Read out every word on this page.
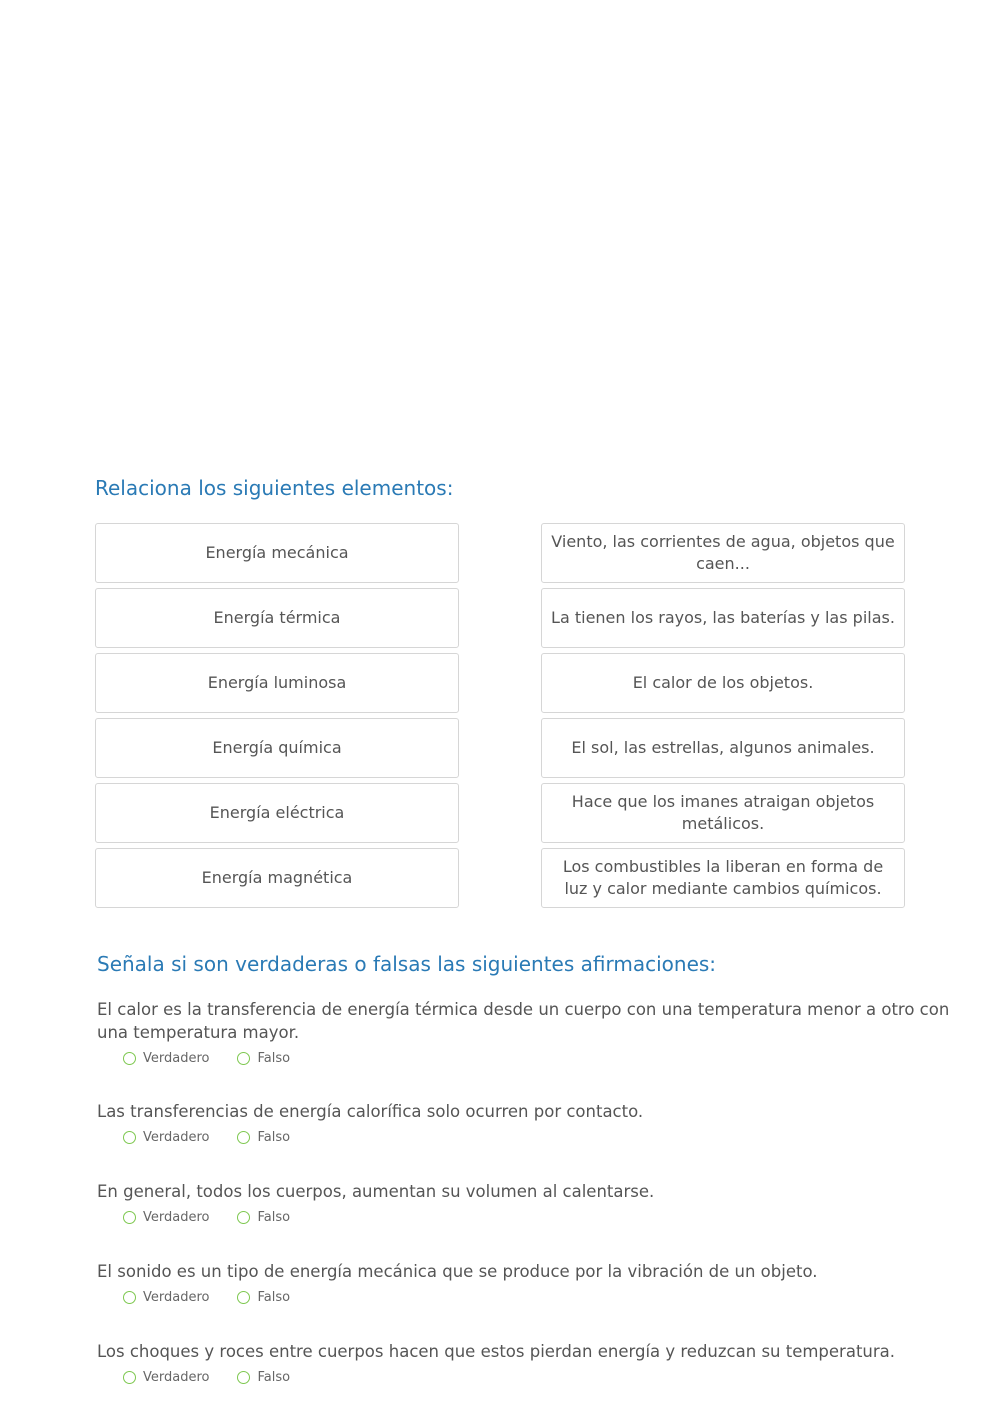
Relaciona los siguientes elementos:
Energía mecánica
Energía térmica
Energía luminosa
Energía química
Energía eléctrica
Energía magnética
Viento, las corrientes de agua, objetos que caen...
La tienen los rayos, las baterías y las pilas.
El calor de los objetos.
El sol, las estrellas, algunos animales.
Hace que los imanes atraigan objetos metálicos.
Los combustibles la liberan en forma de luz y calor mediante cambios químicos.
Señala si son verdaderas o falsas las siguientes afirmaciones:

El calor es la transferencia de energía térmica desde un cuerpo con una temperatura menor a otro con una temperatura mayor.

Verdadero	Falso

Las transferencias de energía calorífica solo ocurren por contacto.

Verdadero	Falso

En general, todos los cuerpos, aumentan su volumen al calentarse.

Verdadero	Falso

El sonido es un tipo de energía mecánica que se produce por la vibración de un objeto.

Verdadero	Falso

Los choques y roces entre cuerpos hacen que estos pierdan energía y reduzcan su temperatura.

Verdadero	Falso
